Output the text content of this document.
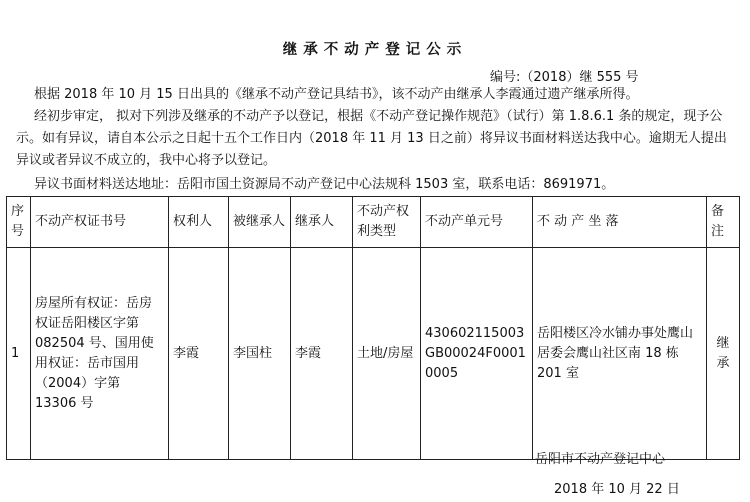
继承不动产登记公示
编号:（2018）继 555 号
根据 2018 年 10 月 15 日出具的《继承不动产登记具结书》，该不动产由继承人李霞通过遗产继承所得。
经初步审定， 拟对下列涉及继承的不动产予以登记，根据《不动产登记操作规范》（试行）第 1.8.6.1 条的规定，现予公示。如有异议，请自本公示之日起十五个工作日内（2018 年 11 月 13 日之前）将异议书面材料送达我中心。逾期无人提出异议或者异议不成立的，我中心将予以登记。
异议书面材料送达地址：岳阳市国土资源局不动产登记中心法规科 1503 室，联系电话：8691971。
序号	不动产权证书号	权利人	被继承人	继承人	不动产权利类型	不动产单元号	不 动 产 坐 落	备注
1	房屋所有权证：岳房权证岳阳楼区字第 082504 号、国用使用权证：岳市国用（2004）字第 13306 号	李霞	李国柱	李霞	土地/房屋	430602115003GB00024F00010005	岳阳楼区冷水铺办事处鹰山居委会鹰山社区南 18 栋 201 室	继承
岳阳市不动产登记中心
2018 年 10 月 22 日
